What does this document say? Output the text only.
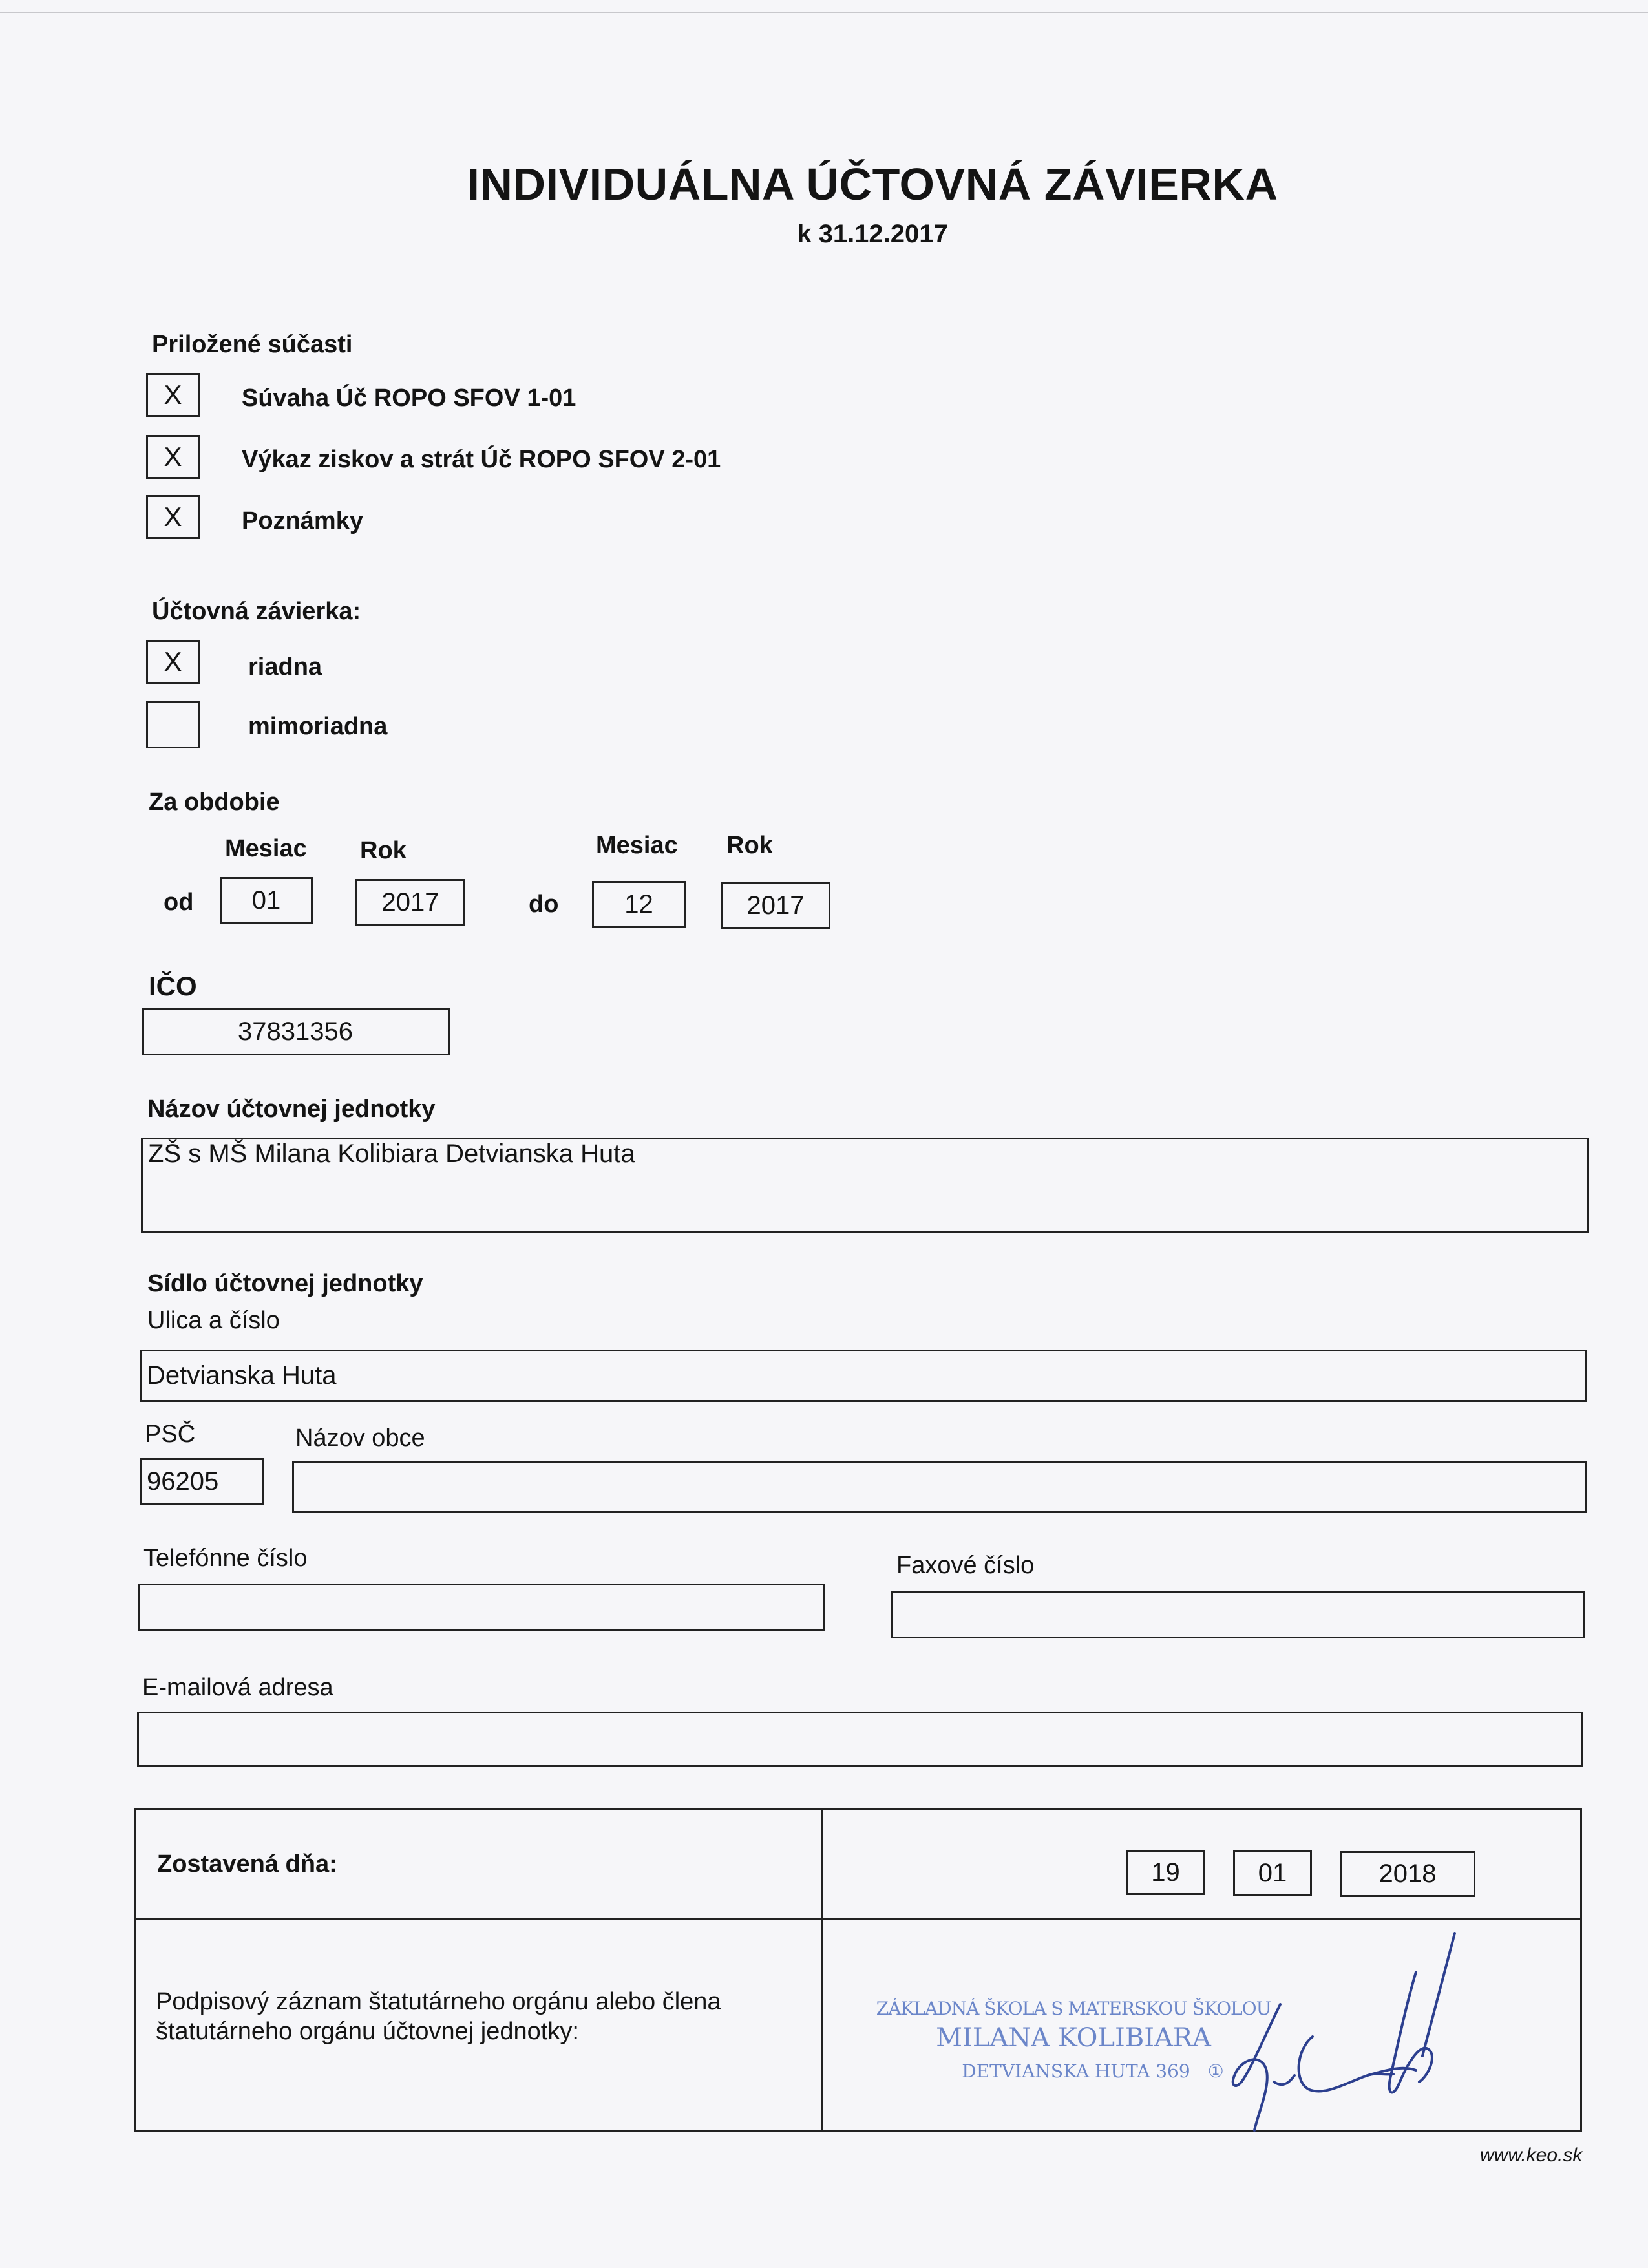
INDIVIDUÁLNA ÚČTOVNÁ ZÁVIERKA
k 31.12.2017
Priložené súčasti
X	Súvaha Úč ROPO SFOV 1-01
X	Výkaz ziskov a strát Úč ROPO SFOV 2-01
X	Poznámky
Účtovná závierka:
X	riadna
mimoriadna
Za obdobie
Mesiac Rok	Mesiac Rok
od	01	2017	do	12	2017
IČO
37831356
Názov účtovnej jednotky
ZŠ s MŠ Milana Kolibiara Detvianska Huta
Sídlo účtovnej jednotky
Ulica a číslo
Detvianska Huta
PSČ	Názov obce
96205
Telefónne číslo	Faxové číslo
E-mailová adresa
Zostavená dňa:	19	01	2018
Podpisový záznam štatutárneho orgánu alebo člena štatutárneho orgánu účtovnej jednotky:
ZÁKLADNÁ ŠKOLA S MATERSKOU ŠKOLOU
MILANA KOLIBIARA
DETVIANSKA HUTA 369 ①
www.keo.sk
